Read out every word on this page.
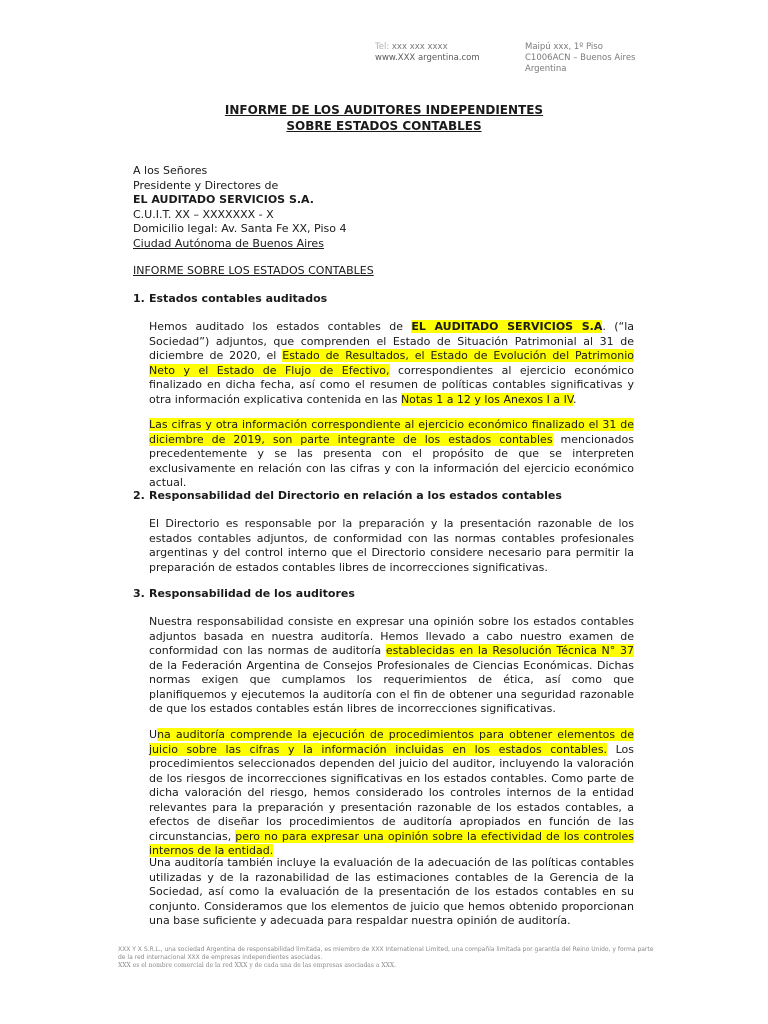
Tel: xxx xxx xxxx
www.XXX argentina.com
Maipú xxx, 1º Piso
C1006ACN – Buenos Aires
Argentina
INFORME DE LOS AUDITORES INDEPENDIENTES
SOBRE ESTADOS CONTABLES
A los Señores
Presidente y Directores de
EL AUDITADO SERVICIOS S.A.
C.U.I.T. XX – XXXXXXX - X
Domicilio legal: Av. Santa Fe XX, Piso 4
Ciudad Autónoma de Buenos Aires
INFORME SOBRE LOS ESTADOS CONTABLES
1. Estados contables auditados
Hemos auditado los estados contables de EL AUDITADO SERVICIOS S.A. (“la Sociedad”) adjuntos, que comprenden el Estado de Situación Patrimonial al 31 de diciembre de 2020, el Estado de Resultados, el Estado de Evolución del Patrimonio Neto y el Estado de Flujo de Efectivo, correspondientes al ejercicio económico finalizado en dicha fecha, así como el resumen de políticas contables significativas y otra información explicativa contenida en las Notas 1 a 12 y los Anexos I a IV.
Las cifras y otra información correspondiente al ejercicio económico finalizado el 31 de diciembre de 2019, son parte integrante de los estados contables mencionados precedentemente y se las presenta con el propósito de que se interpreten exclusivamente en relación con las cifras y con la información del ejercicio económico actual.
2. Responsabilidad del Directorio en relación a los estados contables
El Directorio es responsable por la preparación y la presentación razonable de los estados contables adjuntos, de conformidad con las normas contables profesionales argentinas y del control interno que el Directorio considere necesario para permitir la preparación de estados contables libres de incorrecciones significativas.
3. Responsabilidad de los auditores
Nuestra responsabilidad consiste en expresar una opinión sobre los estados contables adjuntos basada en nuestra auditoría. Hemos llevado a cabo nuestro examen de conformidad con las normas de auditoría establecidas en la Resolución Técnica N° 37 de la Federación Argentina de Consejos Profesionales de Ciencias Económicas. Dichas normas exigen que cumplamos los requerimientos de ética, así como que planifiquemos y ejecutemos la auditoría con el fin de obtener una seguridad razonable de que los estados contables están libres de incorrecciones significativas.
Una auditoría comprende la ejecución de procedimientos para obtener elementos de juicio sobre las cifras y la información incluidas en los estados contables. Los procedimientos seleccionados dependen del juicio del auditor, incluyendo la valoración de los riesgos de incorrecciones significativas en los estados contables. Como parte de dicha valoración del riesgo, hemos considerado los controles internos de la entidad relevantes para la preparación y presentación razonable de los estados contables, a efectos de diseñar los procedimientos de auditoría apropiados en función de las circunstancias, pero no para expresar una opinión sobre la efectividad de los controles internos de la entidad.
Una auditoría también incluye la evaluación de la adecuación de las políticas contables utilizadas y de la razonabilidad de las estimaciones contables de la Gerencia de la Sociedad, así como la evaluación de la presentación de los estados contables en su conjunto. Consideramos que los elementos de juicio que hemos obtenido proporcionan una base suficiente y adecuada para respaldar nuestra opinión de auditoría.
XXX Y X S.R.L., una sociedad Argentina de responsabilidad limitada, es miembro de XXX International Limited, una compañía limitada por garantía del Reino Unido, y forma parte de la red internacional XXX de empresas independientes asociadas.
XXX es el nombre comercial de la red XXX y de cada una de las empresas asociadas a XXX.
